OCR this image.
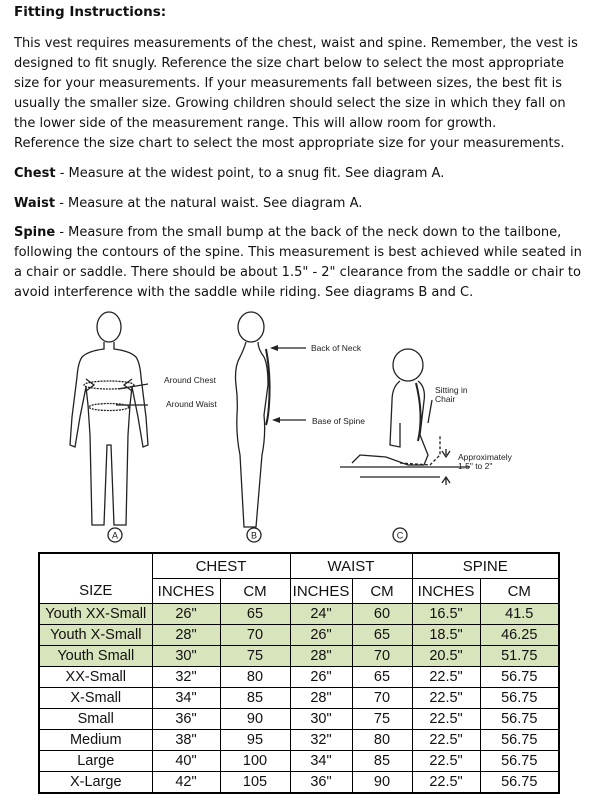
Fitting Instructions:

This vest requires measurements of the chest, waist and spine. Remember, the vest is designed to fit snugly. Reference the size chart below to select the most appropriate size for your measurements. If your measurements fall between sizes, the best fit is usually the smaller size. Growing children should select the size in which they fall on the lower side of the measurement range. This will allow room for growth.
Reference the size chart to select the most appropriate size for your measurements.

Chest - Measure at the widest point, to a snug fit. See diagram A.

Waist - Measure at the natural waist. See diagram A.

Spine - Measure from the small bump at the back of the neck down to the tailbone, following the contours of the spine. This measurement is best achieved while seated in a chair or saddle. There should be about 1.5" - 2" clearance from the saddle or chair to avoid interference with the saddle while riding. See diagrams B and C.

Around Chest
Around Waist
Back of Neck
Base of Spine
Sitting in
Chair
Approximately
1.5" to 2"
A	B	C
	CHEST		WAIST		SPINE	
SIZE	INCHES	CM	INCHES	CM	INCHES	CM
Youth XX-Small	26"	65	24"	60	16.5"	41.5
Youth X-Small	28"	70	26"	65	18.5"	46.25
Youth Small	30"	75	28"	70	20.5"	51.75
XX-Small	32"	80	26"	65	22.5"	56.75
X-Small	34"	85	28"	70	22.5"	56.75
Small	36"	90	30"	75	22.5"	56.75
Medium	38"	95	32"	80	22.5"	56.75
Large	40"	100	34"	85	22.5"	56.75
X-Large	42"	105	36"	90	22.5"	56.75
